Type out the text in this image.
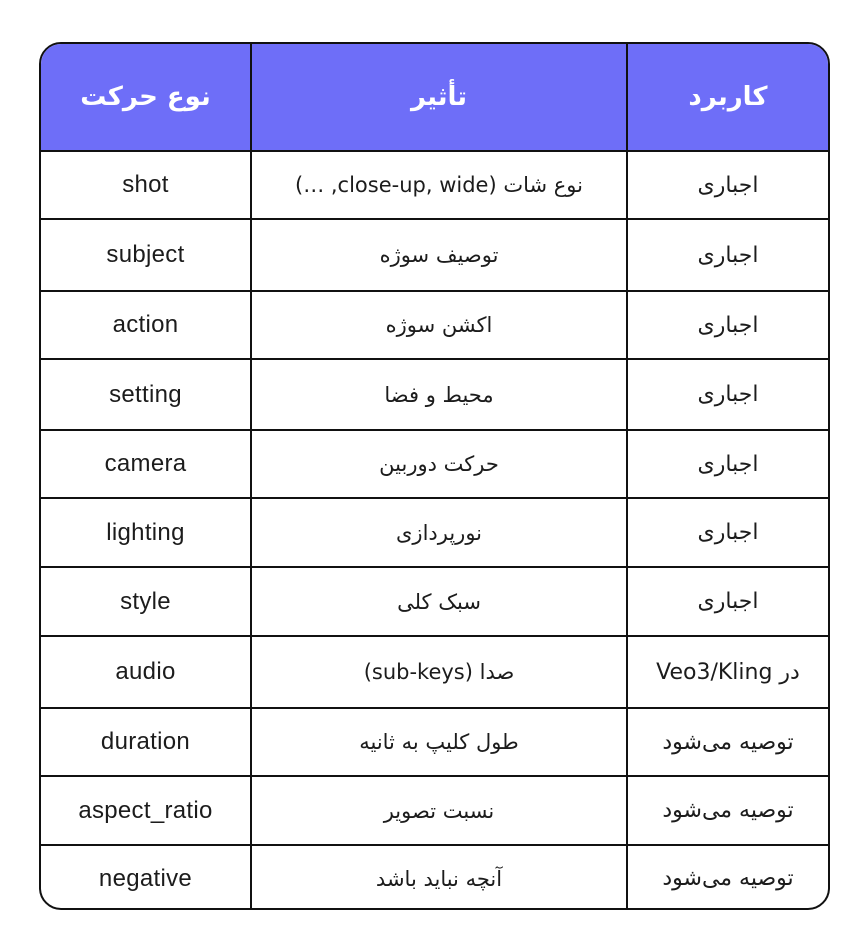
نوع حرکت	تأثیر	کاربرد
shot	نوع شات (close-up, wide, …)	اجباری
subject	توصیف سوژه	اجباری
action	اکشن سوژه	اجباری
setting	محیط و فضا	اجباری
camera	حرکت دوربین	اجباری
lighting	نورپردازی	اجباری
style	سبک کلی	اجباری
audio	صدا (sub-keys)	در Veo3/Kling
duration	طول کلیپ به ثانیه	توصیه می‌شود
aspect_ratio	نسبت تصویر	توصیه می‌شود
negative	آنچه نباید باشد	توصیه می‌شود
